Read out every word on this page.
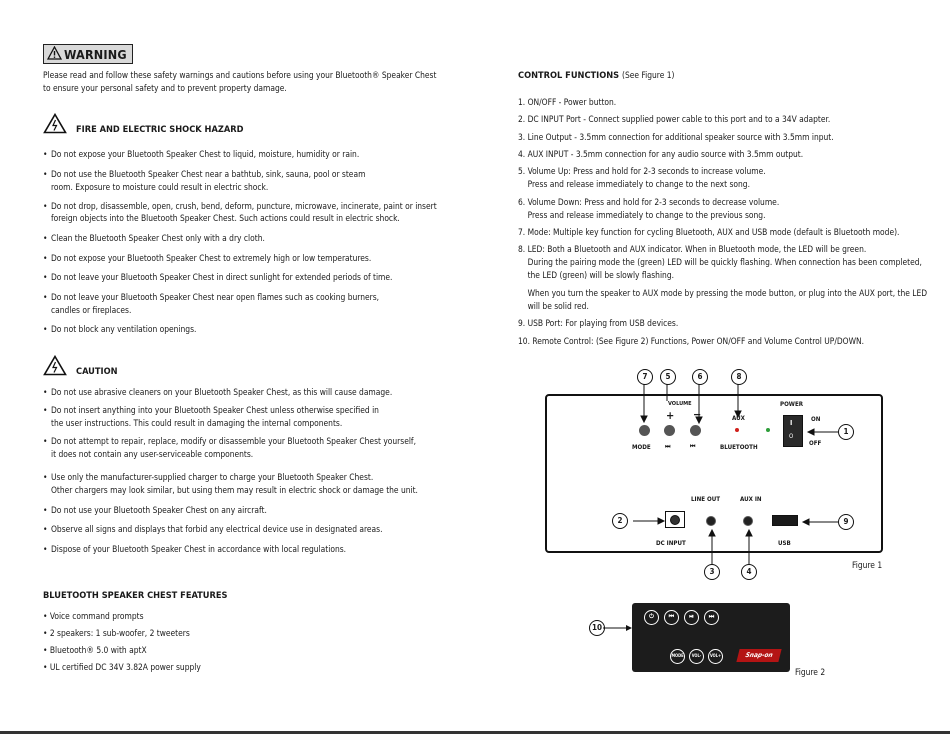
WARNING
Please read and follow these safety warnings and cautions before using your Bluetooth® Speaker Chest
to ensure your personal safety and to prevent property damage.
FIRE AND ELECTRIC SHOCK HAZARD
• Do not expose your Bluetooth Speaker Chest to liquid, moisture, humidity or rain.
• Do not use the Bluetooth Speaker Chest near a bathtub, sink, sauna, pool or steam
room. Exposure to moisture could result in electric shock.
• Do not drop, disassemble, open, crush, bend, deform, puncture, microwave, incinerate, paint or insert
foreign objects into the Bluetooth Speaker Chest. Such actions could result in electric shock.
• Clean the Bluetooth Speaker Chest only with a dry cloth.
• Do not expose your Bluetooth Speaker Chest to extremely high or low temperatures.
• Do not leave your Bluetooth Speaker Chest in direct sunlight for extended periods of time.
• Do not leave your Bluetooth Speaker Chest near open flames such as cooking burners,
candles or fireplaces.
• Do not block any ventilation openings.
CAUTION
• Do not use abrasive cleaners on your Bluetooth Speaker Chest, as this will cause damage.
• Do not insert anything into your Bluetooth Speaker Chest unless otherwise specified in
the user instructions. This could result in damaging the internal components.
• Do not attempt to repair, replace, modify or disassemble your Bluetooth Speaker Chest yourself,
it does not contain any user-serviceable components.
• Use only the manufacturer-supplied charger to charge your Bluetooth Speaker Chest.
Other chargers may look similar, but using them may result in electric shock or damage the unit.
• Do not use your Bluetooth Speaker Chest on any aircraft.
• Observe all signs and displays that forbid any electrical device use in designated areas.
• Dispose of your Bluetooth Speaker Chest in accordance with local regulations.
BLUETOOTH SPEAKER CHEST FEATURES
• Voice command prompts
• 2 speakers: 1 sub-woofer, 2 tweeters
• Bluetooth® 5.0 with aptX
• UL certified DC 34V 3.82A power supply
CONTROL FUNCTIONS (See Figure 1)
1. ON/OFF - Power button.
2. DC INPUT Port - Connect supplied power cable to this port and to a 34V adapter.
3. Line Output - 3.5mm connection for additional speaker source with 3.5mm input.
4. AUX INPUT - 3.5mm connection for any audio source with 3.5mm output.
5. Volume Up: Press and hold for 2-3 seconds to increase volume.
Press and release immediately to change to the next song.
6. Volume Down: Press and hold for 2-3 seconds to decrease volume.
Press and release immediately to change to the previous song.
7. Mode: Multiple key function for cycling Bluetooth, AUX and USB mode (default is Bluetooth mode).
8. LED: Both a Bluetooth and AUX indicator. When in Bluetooth mode, the LED will be green.
During the pairing mode the (green) LED will be quickly flashing. When connection has been completed,
the LED (green) will be slowly flashing.
When you turn the speaker to AUX mode by pressing the mode button, or plug into the AUX port, the LED
will be solid red.
9. USB Port: For playing from USB devices.
10. Remote Control: (See Figure 2) Functions, Power ON/OFF and Volume Control UP/DOWN.
7	5	6	8
1
2
3	4
9
VOLUME	POWER
AUX
+ −
I
O
ON
OFF
MODE ⏭	⏮	BLUETOOTH
LINE OUT	AUX IN
DC INPUT	USB
Figure 1
10
⏻	⏮	⏯	⏭
MODE	VOL-	VOL+	Snap-on
Figure 2
